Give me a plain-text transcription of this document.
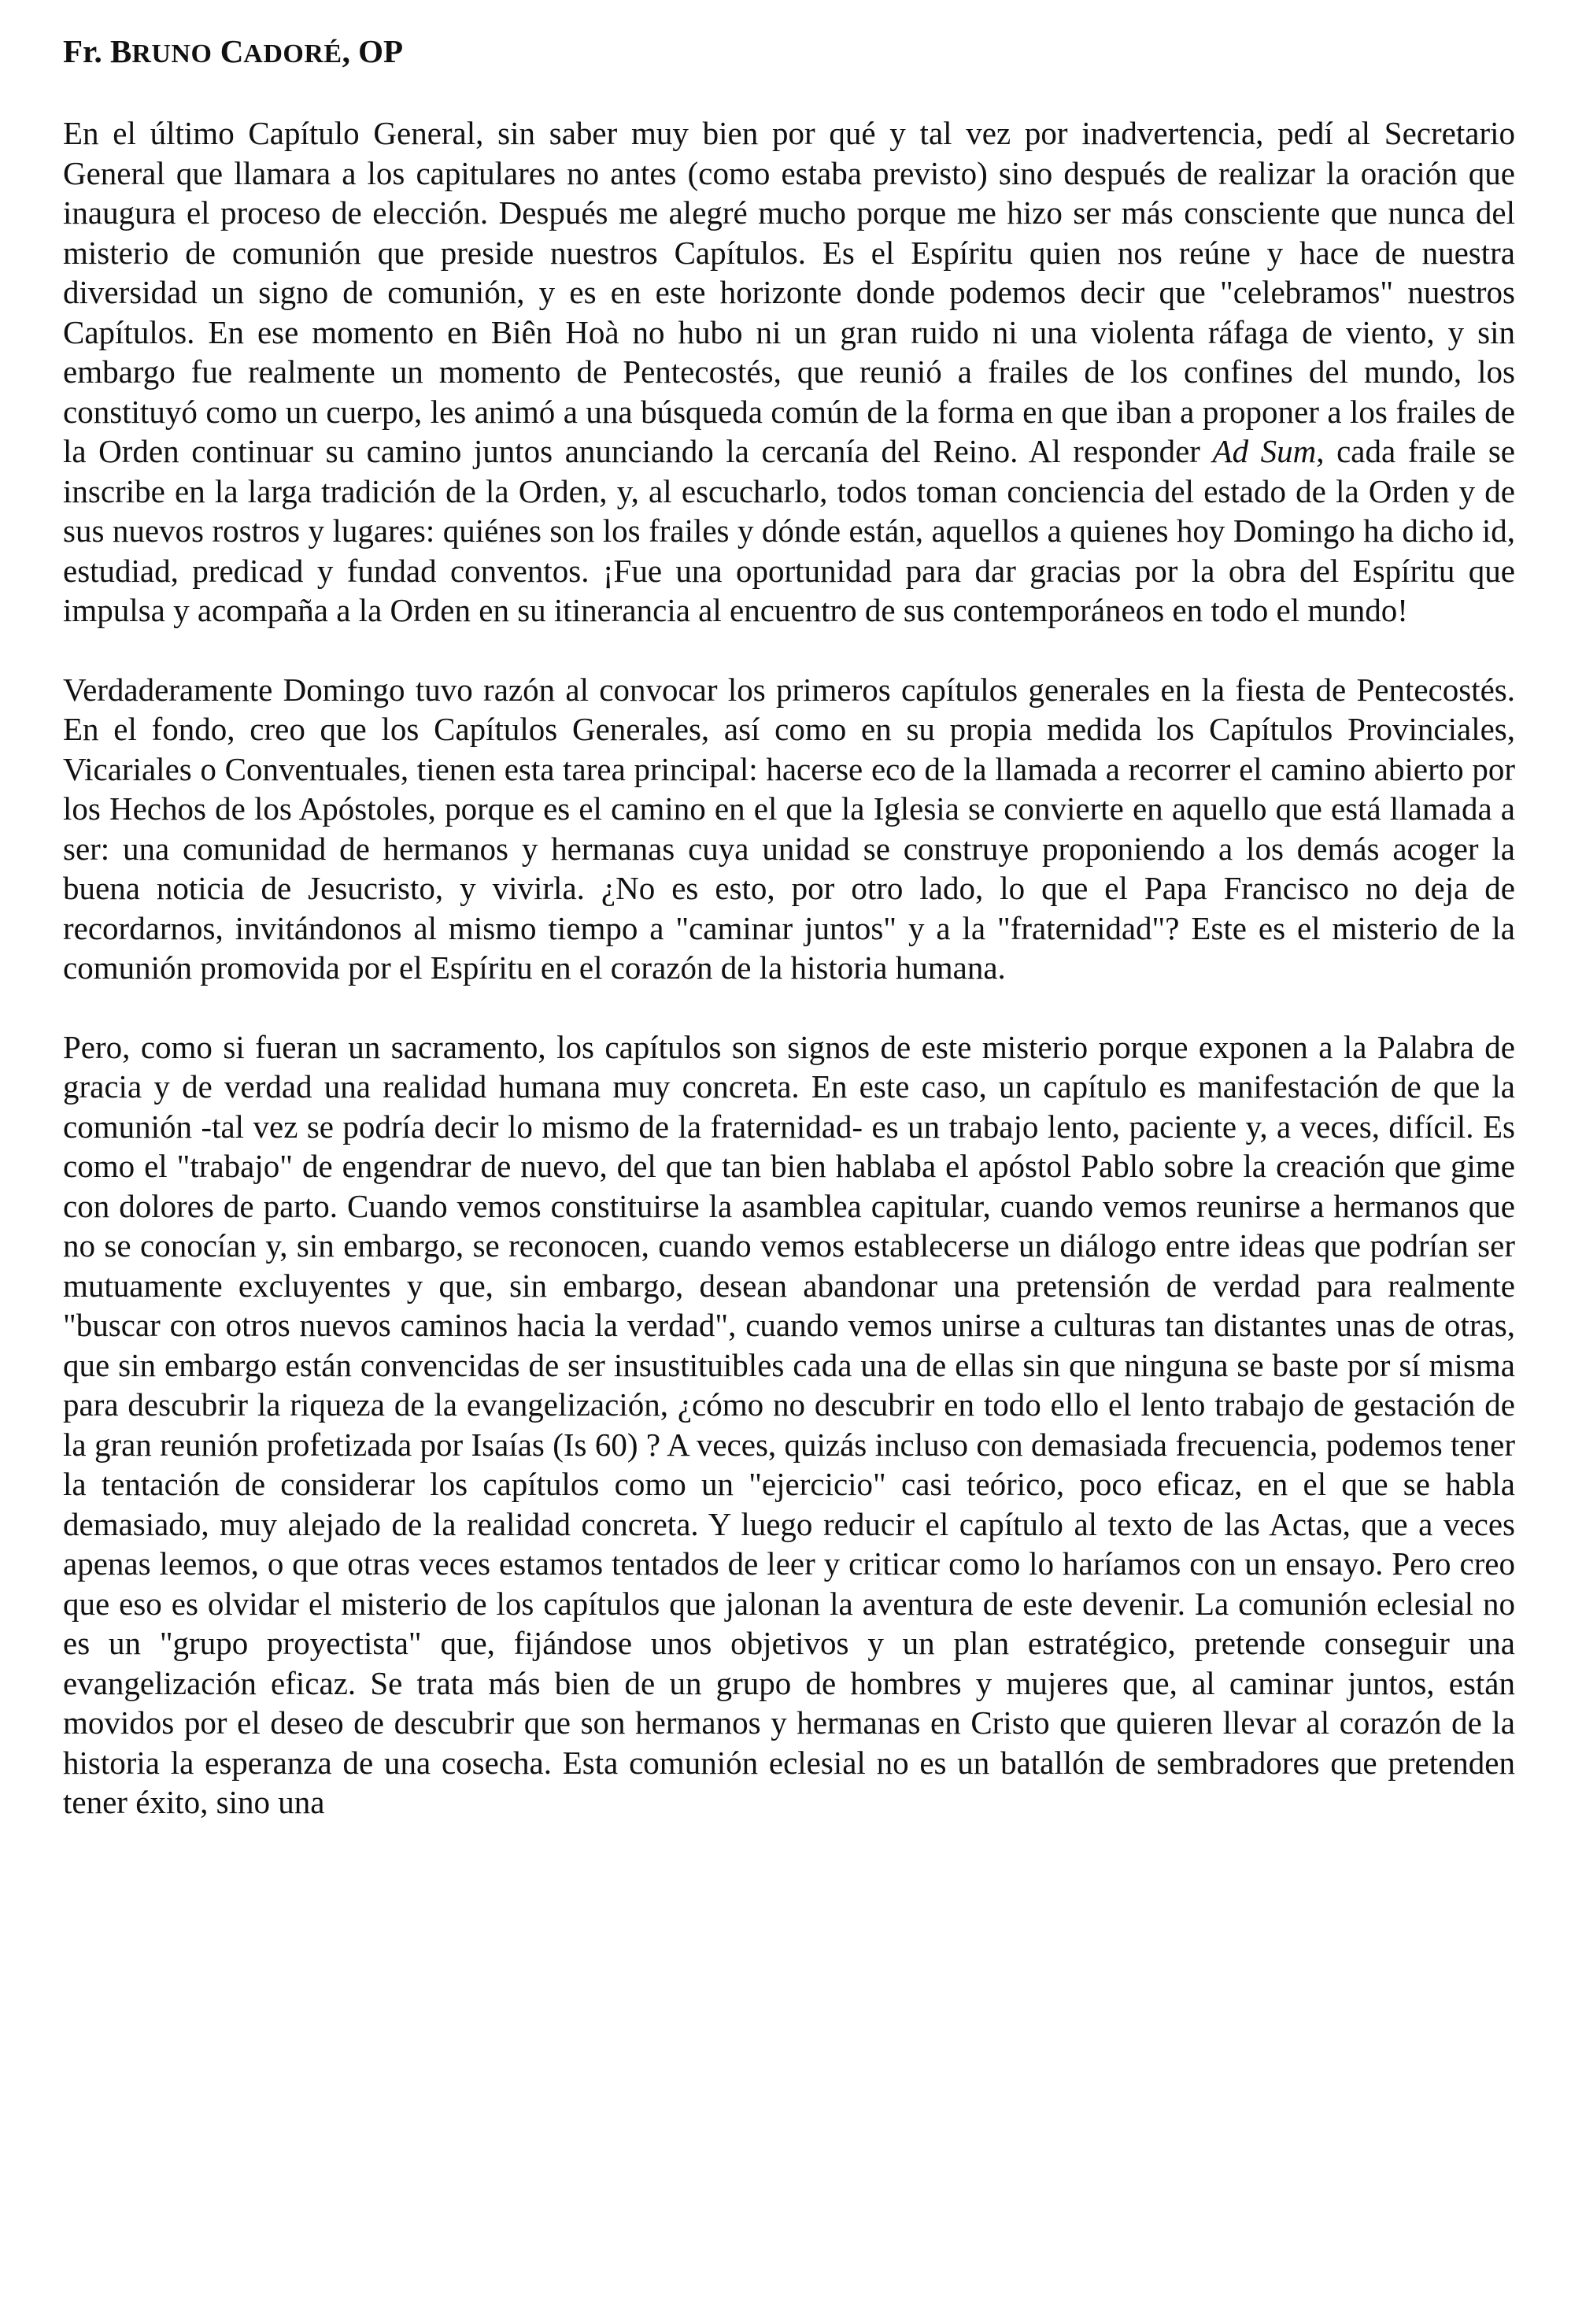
Fr. BRUNO CADORÉ, OP
En el último Capítulo General, sin saber muy bien por qué y tal vez por inadvertencia, pedí al Secretario General que llamara a los capitulares no antes (como estaba previsto) sino después de realizar la oración que inaugura el proceso de elección. Después me alegré mucho porque me hizo ser más consciente que nunca del misterio de comunión que preside nuestros Capítulos. Es el Espíritu quien nos reúne y hace de nuestra diversidad un signo de comunión, y es en este horizonte donde podemos decir que "celebramos" nuestros Capítulos. En ese momento en Biên Hoà no hubo ni un gran ruido ni una violenta ráfaga de viento, y sin embargo fue realmente un momento de Pentecostés, que reunió a frailes de los confines del mundo, los constituyó como un cuerpo, les animó a una búsqueda común de la forma en que iban a proponer a los frailes de la Orden continuar su camino juntos anunciando la cercanía del Reino. Al responder Ad Sum, cada fraile se inscribe en la larga tradición de la Orden, y, al escucharlo, todos toman conciencia del estado de la Orden y de sus nuevos rostros y lugares: quiénes son los frailes y dónde están, aquellos a quienes hoy Domingo ha dicho id, estudiad, predicad y fundad conventos. ¡Fue una oportunidad para dar gracias por la obra del Espíritu que impulsa y acompaña a la Orden en su itinerancia al encuentro de sus contemporáneos en todo el mundo!
Verdaderamente Domingo tuvo razón al convocar los primeros capítulos generales en la fiesta de Pentecostés. En el fondo, creo que los Capítulos Generales, así como en su propia medida los Capítulos Provinciales, Vicariales o Conventuales, tienen esta tarea principal: hacerse eco de la llamada a recorrer el camino abierto por los Hechos de los Apóstoles, porque es el camino en el que la Iglesia se convierte en aquello que está llamada a ser: una comunidad de hermanos y hermanas cuya unidad se construye proponiendo a los demás acoger la buena noticia de Jesucristo, y vivirla. ¿No es esto, por otro lado, lo que el Papa Francisco no deja de recordarnos, invitándonos al mismo tiempo a "caminar juntos" y a la "fraternidad"? Este es el misterio de la comunión promovida por el Espíritu en el corazón de la historia humana.
Pero, como si fueran un sacramento, los capítulos son signos de este misterio porque exponen a la Palabra de gracia y de verdad una realidad humana muy concreta. En este caso, un capítulo es manifestación de que la comunión -tal vez se podría decir lo mismo de la fraternidad- es un trabajo lento, paciente y, a veces, difícil. Es como el "trabajo" de engendrar de nuevo, del que tan bien hablaba el apóstol Pablo sobre la creación que gime con dolores de parto. Cuando vemos constituirse la asamblea capitular, cuando vemos reunirse a hermanos que no se conocían y, sin embargo, se reconocen, cuando vemos establecerse un diálogo entre ideas que podrían ser mutuamente excluyentes y que, sin embargo, desean abandonar una pretensión de verdad para realmente "buscar con otros nuevos caminos hacia la verdad", cuando vemos unirse a culturas tan distantes unas de otras, que sin embargo están convencidas de ser insustituibles cada una de ellas sin que ninguna se baste por sí misma para descubrir la riqueza de la evangelización, ¿cómo no descubrir en todo ello el lento trabajo de gestación de la gran reunión profetizada por Isaías (Is 60) ? A veces, quizás incluso con demasiada frecuencia, podemos tener la tentación de considerar los capítulos como un "ejercicio" casi teórico, poco eficaz, en el que se habla demasiado, muy alejado de la realidad concreta. Y luego reducir el capítulo al texto de las Actas, que a veces apenas leemos, o que otras veces estamos tentados de leer y criticar como lo haríamos con un ensayo. Pero creo que eso es olvidar el misterio de los capítulos que jalonan la aventura de este devenir. La comunión eclesial no es un "grupo proyectista" que, fijándose unos objetivos y un plan estratégico, pretende conseguir una evangelización eficaz. Se trata más bien de un grupo de hombres y mujeres que, al caminar juntos, están movidos por el deseo de descubrir que son hermanos y hermanas en Cristo que quieren llevar al corazón de la historia la esperanza de una cosecha. Esta comunión eclesial no es un batallón de sembradores que pretenden tener éxito, sino una
